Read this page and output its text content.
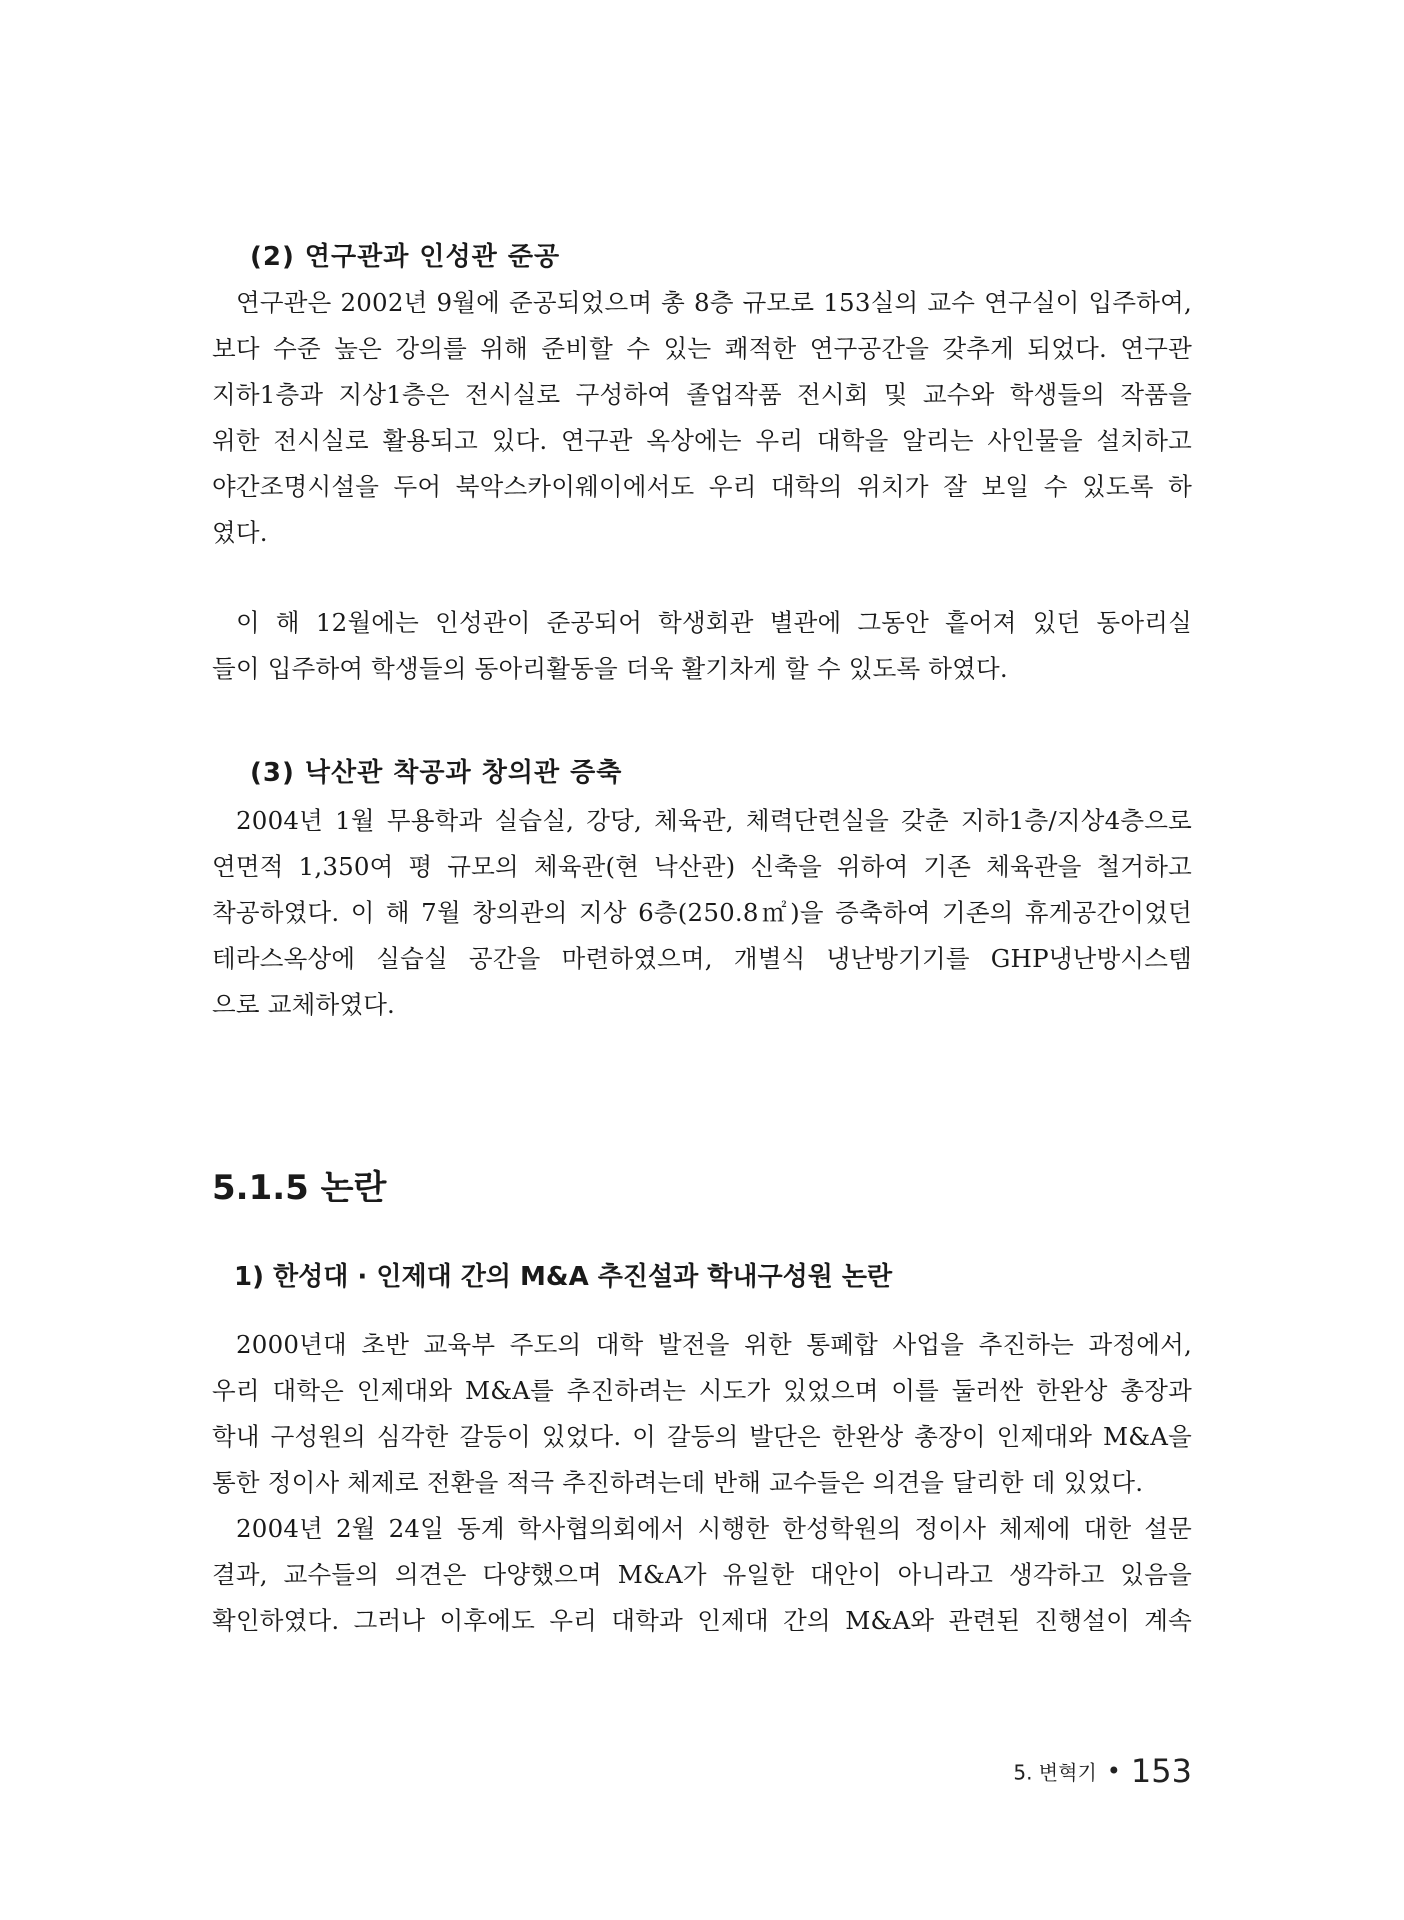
(2) 연구관과 인성관 준공
연구관은 2002년 9월에 준공되었으며 총 8층 규모로 153실의 교수 연구실이 입주하여,
보다 수준 높은 강의를 위해 준비할 수 있는 쾌적한 연구공간을 갖추게 되었다. 연구관
지하1층과 지상1층은 전시실로 구성하여 졸업작품 전시회 및 교수와 학생들의 작품을
위한 전시실로 활용되고 있다. 연구관 옥상에는 우리 대학을 알리는 사인물을 설치하고
야간조명시설을 두어 북악스카이웨이에서도 우리 대학의 위치가 잘 보일 수 있도록 하
였다.
이 해 12월에는 인성관이 준공되어 학생회관 별관에 그동안 흩어져 있던 동아리실
들이 입주하여 학생들의 동아리활동을 더욱 활기차게 할 수 있도록 하였다.
(3) 낙산관 착공과 창의관 증축
2004년 1월 무용학과 실습실, 강당, 체육관, 체력단련실을 갖춘 지하1층/지상4층으로
연면적 1,350여 평 규모의 체육관(현 낙산관) 신축을 위하여 기존 체육관을 철거하고
착공하였다. 이 해 7월 창의관의 지상 6층(250.8㎡)을 증축하여 기존의 휴게공간이었던
테라스옥상에 실습실 공간을 마련하였으며, 개별식 냉난방기기를 GHP냉난방시스템
으로 교체하였다.
5.1.5 논란
1) 한성대 · 인제대 간의 M&A 추진설과 학내구성원 논란
2000년대 초반 교육부 주도의 대학 발전을 위한 통폐합 사업을 추진하는 과정에서,
우리 대학은 인제대와 M&A를 추진하려는 시도가 있었으며 이를 둘러싼 한완상 총장과
학내 구성원의 심각한 갈등이 있었다. 이 갈등의 발단은 한완상 총장이 인제대와 M&A을
통한 정이사 체제로 전환을 적극 추진하려는데 반해 교수들은 의견을 달리한 데 있었다.
2004년 2월 24일 동계 학사협의회에서 시행한 한성학원의 정이사 체제에 대한 설문
결과, 교수들의 의견은 다양했으며 M&A가 유일한 대안이 아니라고 생각하고 있음을
확인하였다. 그러나 이후에도 우리 대학과 인제대 간의 M&A와 관련된 진행설이 계속
5. 변혁기 • 153
